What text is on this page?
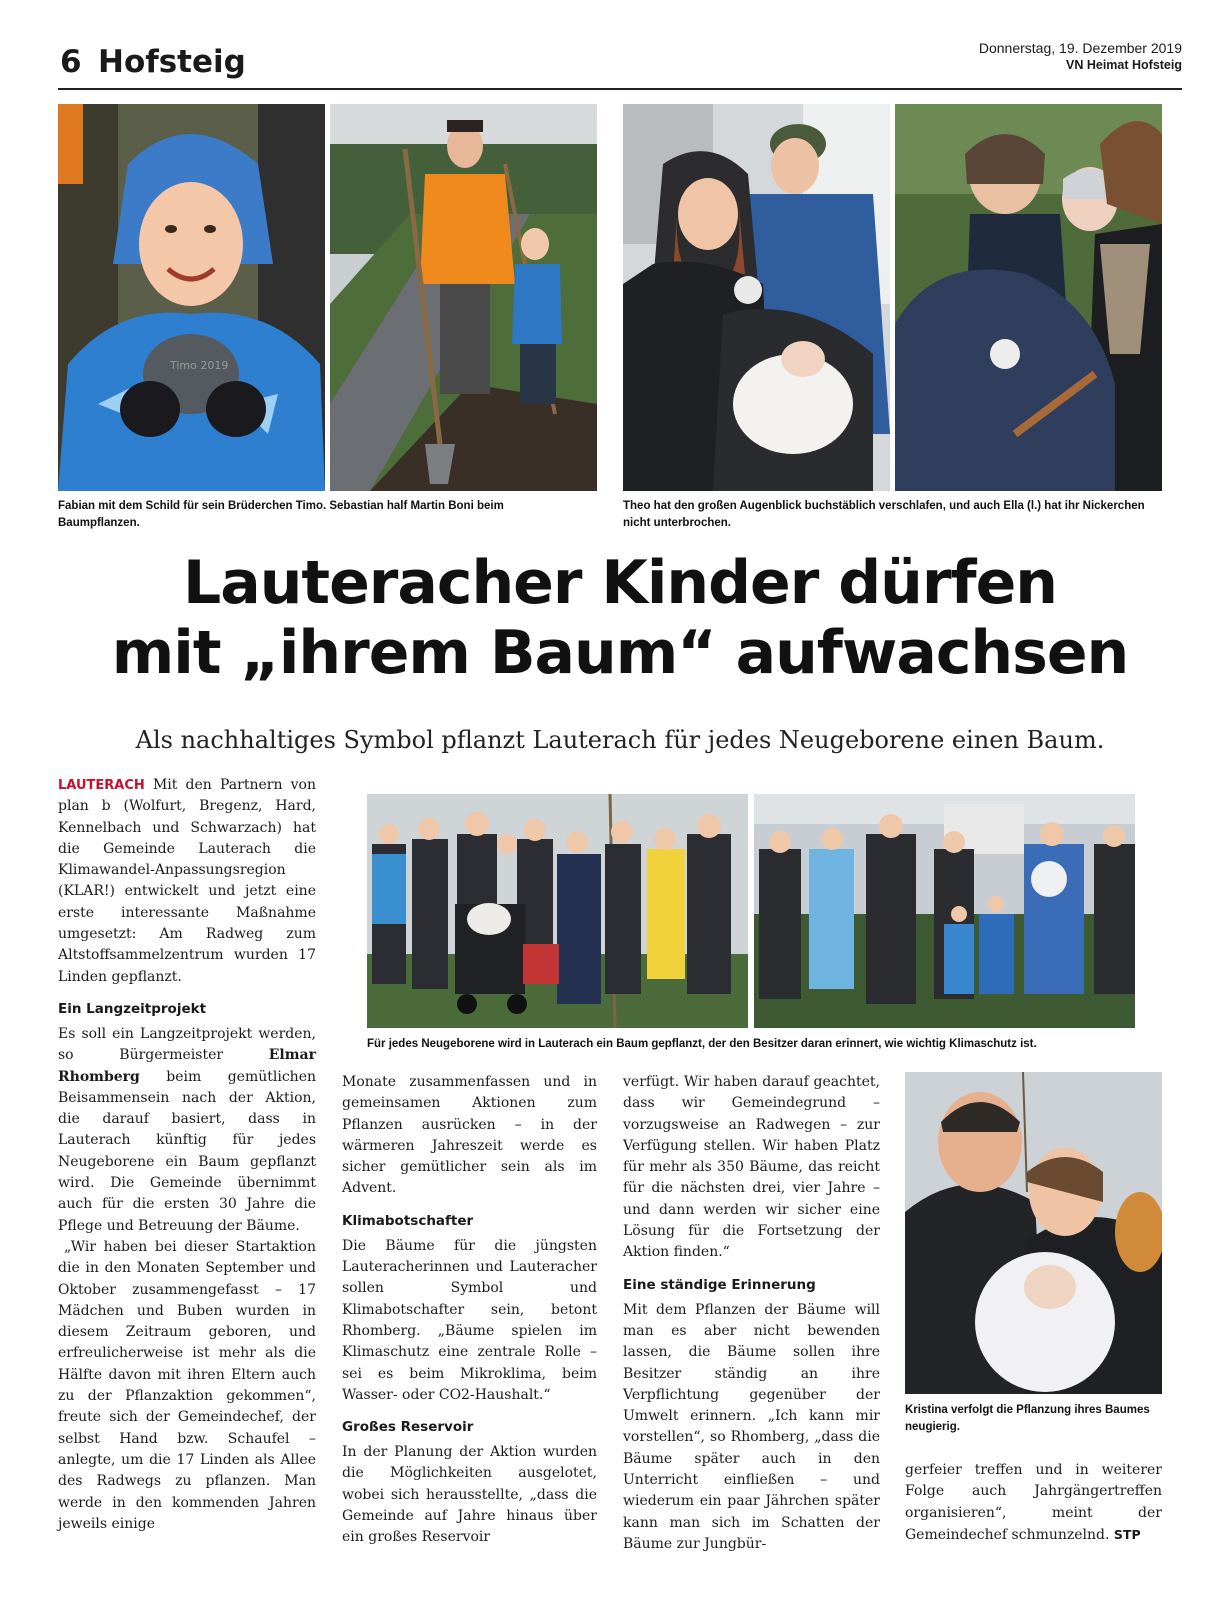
6 Hofsteig	Donnerstag, 19. Dezember 2019
VN Heimat Hofsteig
Timo 2019
Fabian mit dem Schild für sein Brüderchen Timo. Sebastian half Martin Boni beim Baumpflanzen.
Theo hat den großen Augenblick buchstäblich verschlafen, und auch Ella (l.) hat ihr Nickerchen nicht unterbrochen.
Lauteracher Kinder dürfen
mit „ihrem Baum“ aufwachsen
Als nachhaltiges Symbol pflanzt Lauterach für jedes Neugeborene einen Baum.
Für jedes Neugeborene wird in Lauterach ein Baum gepflanzt, der den Besitzer daran erinnert, wie wichtig Klimaschutz ist.
Kristina verfolgt die Pflanzung ihres Baumes neugierig.

LAUTERACH Mit den Partnern von plan b (Wolfurt, Bregenz, Hard, Kennelbach und Schwarzach) hat die Gemeinde Lauterach die Klimawandel-Anpassungsregion (KLAR!) entwickelt und jetzt eine erste interessante Maßnahme umgesetzt: Am Radweg zum Altstoffsammelzentrum wurden 17 Linden gepflanzt.

Ein Langzeitprojekt

Es soll ein Langzeitprojekt werden, so Bürgermeister	Elmar Rhomberg beim gemütlichen Beisammensein nach der Aktion, die darauf basiert, dass in Lauterach künftig für jedes Neugeborene ein Baum gepflanzt wird. Die Gemeinde übernimmt auch für die ersten 30 Jahre die Pflege und Betreuung der Bäume.

„Wir haben bei dieser Startaktion die in den Monaten September und Oktober zusammengefasst – 17 Mädchen und Buben wurden in diesem Zeitraum geboren, und erfreulicherweise ist mehr als die Hälfte davon mit ihren Eltern auch zu der Pflanzaktion gekommen“, freute sich der Gemeindechef, der selbst Hand bzw. Schaufel – anlegte, um die 17 Linden als Allee des Radwegs zu pflanzen. Man werde in den kommenden Jahren jeweils einige

Monate zusammenfassen und in gemeinsamen Aktionen zum Pflanzen ausrücken – in der wärmeren Jahreszeit werde es sicher gemütlicher sein als im Advent.

Klimabotschafter

Die Bäume für die jüngsten Lauteracherinnen und Lauteracher sollen Symbol und Klimabotschafter sein, betont Rhomberg. „Bäume spielen im Klimaschutz eine zentrale Rolle – sei es beim Mikroklima, beim Wasser- oder CO2-Haushalt.“

Großes Reservoir

In der Planung der Aktion wurden die Möglichkeiten ausgelotet, wobei sich herausstellte, „dass die Gemeinde auf Jahre hinaus über ein großes Reservoir

verfügt. Wir haben darauf geachtet, dass wir Gemeindegrund – vorzugsweise an Radwegen – zur Verfügung stellen. Wir haben Platz für mehr als 350 Bäume, das reicht für die nächsten drei, vier Jahre – und dann werden wir sicher eine Lösung für die Fortsetzung der Aktion finden.“

Eine ständige Erinnerung

Mit dem Pflanzen der Bäume will man es aber nicht bewenden lassen, die Bäume sollen ihre Besitzer ständig an ihre Verpflichtung gegenüber der Umwelt erinnern. „Ich kann mir vorstellen“, so Rhomberg, „dass die Bäume später auch in den Unterricht einfließen – und wiederum ein paar Jährchen später kann man sich im Schatten der Bäume zur Jungbür-

gerfeier treffen und in weiterer Folge auch Jahrgängertreffen organisieren“, meint der Gemeindechef schmunzelnd. STP
